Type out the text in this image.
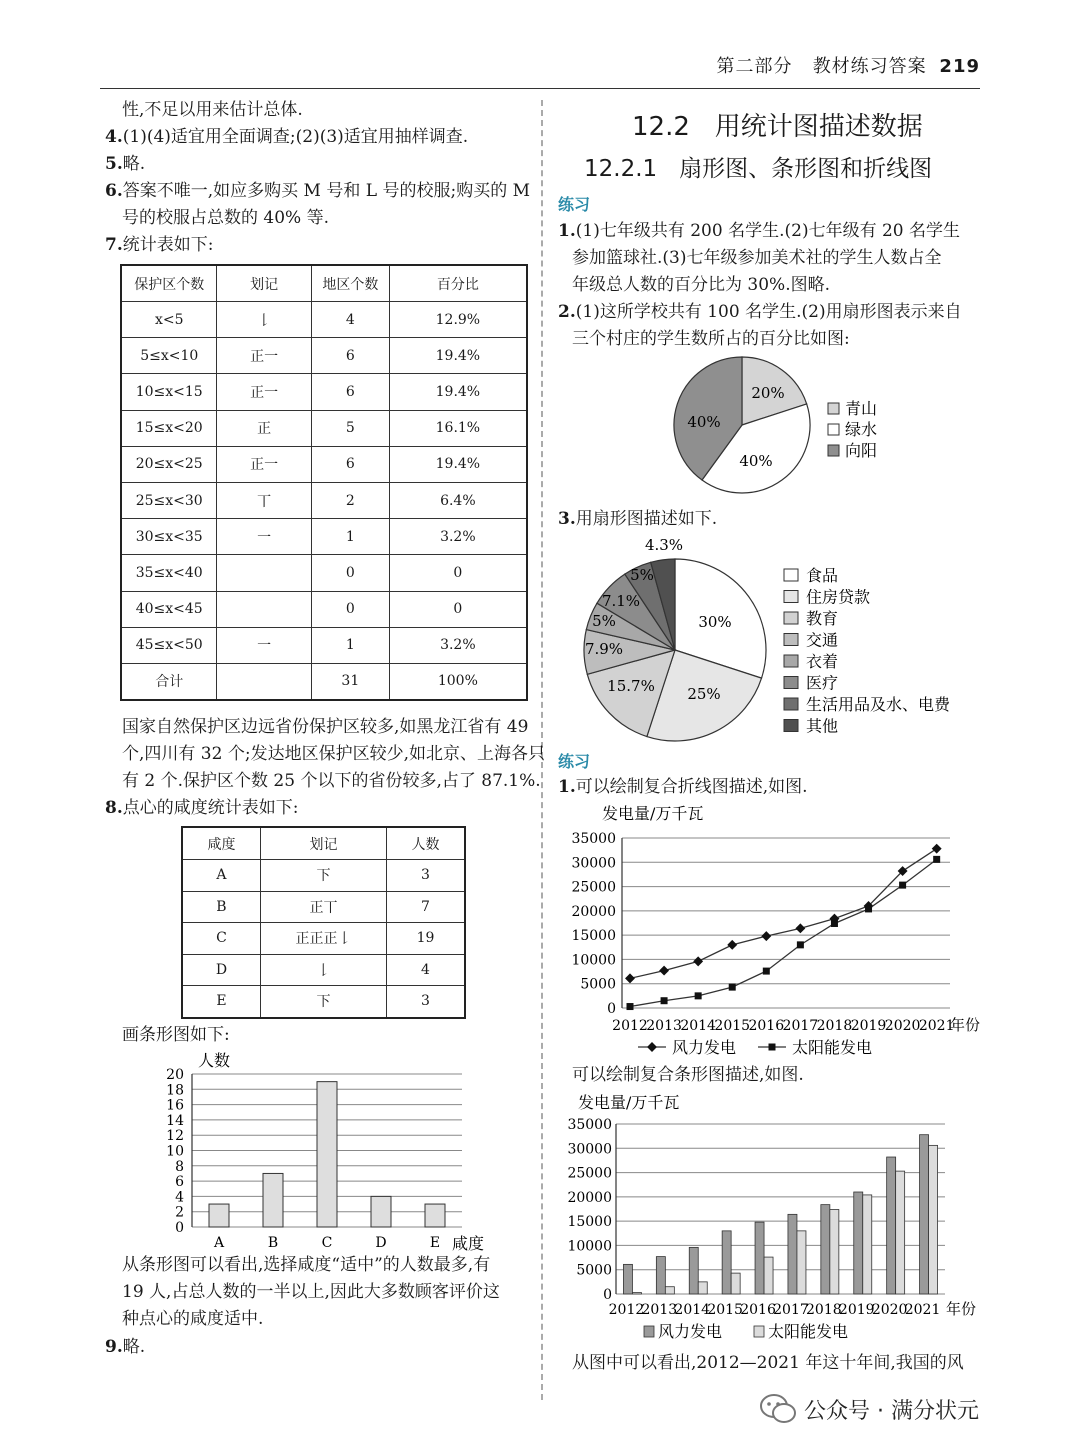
第二部分 教材练习答案 219
性,不足以用来估计总体.
4.(1)(4)适宜用全面调查;(2)(3)适宜用抽样调查.
5.略.
6.答案不唯一,如应多购买 M 号和 L 号的校服;购买的 M
号的校服占总数的 40% 等.
7.统计表如下:
保护区个数	划记	地区个数	百分比
x<5	𠄌	4	12.9%
5≤x<10	正一	6	19.4%
10≤x<15	正一	6	19.4%
15≤x<20	正	5	16.1%
20≤x<25	正一	6	19.4%
25≤x<30	丅	2	6.4%
30≤x<35	一	1	3.2%
35≤x<40		0	0
40≤x<45		0	0
45≤x<50	一	1	3.2%
合计		31	100%
国家自然保护区边远省份保护区较多,如黑龙江省有 49
个,四川有 32 个;发达地区保护区较少,如北京、上海各只
有 2 个.保护区个数 25 个以下的省份较多,占了 87.1%.
8.点心的咸度统计表如下:
咸度	划记	人数
A	下	3
B	正丅	7
C	正正正𠄌	19
D	𠄌	4
E	下	3
画条形图如下:
人数
0
2
4
6
8
10
12
14
16
18
20
A	B	C	D	E 咸度
从条形图可以看出,选择咸度“适中”的人数最多,有
19 人,占总人数的一半以上,因此大多数顾客评价这
种点心的咸度适中.
9.略.
12.2 用统计图描述数据
12.2.1 扇形图、条形图和折线图
练习
1.(1)七年级共有 200 名学生.(2)七年级有 20 名学生
参加篮球社.(3)七年级参加美术社的学生人数占全
年级总人数的百分比为 30%.图略.
2.(1)这所学校共有 100 名学生.(2)用扇形图表示来自
三个村庄的学生数所占的百分比如图:
20%
40%
40%
青山
绿水
向阳
3.用扇形图描述如下.
30%
25%
15.7%
7.9%
5%
7.1%
5%
4.3%
食品
住房贷款
教育
交通
衣着
医疗
生活用品及水、电费
其他
练习
1.可以绘制复合折线图描述,如图.
发电量/万千瓦
0
5000
10000
15000
20000
25000
30000
35000
2012
2013
2014
2015
2016
2017
2018
2019
2020
2021
年份
风力发电	太阳能发电
可以绘制复合条形图描述,如图.
发电量/万千瓦
0
5000
10000
15000
20000
25000
30000
35000
2012
2013
2014
2015
2016
2017
2018
2019
2020
2021 年份
风力发电	太阳能发电
从图中可以看出,2012—2021 年这十年间,我国的风
公众号 · 满分状元
